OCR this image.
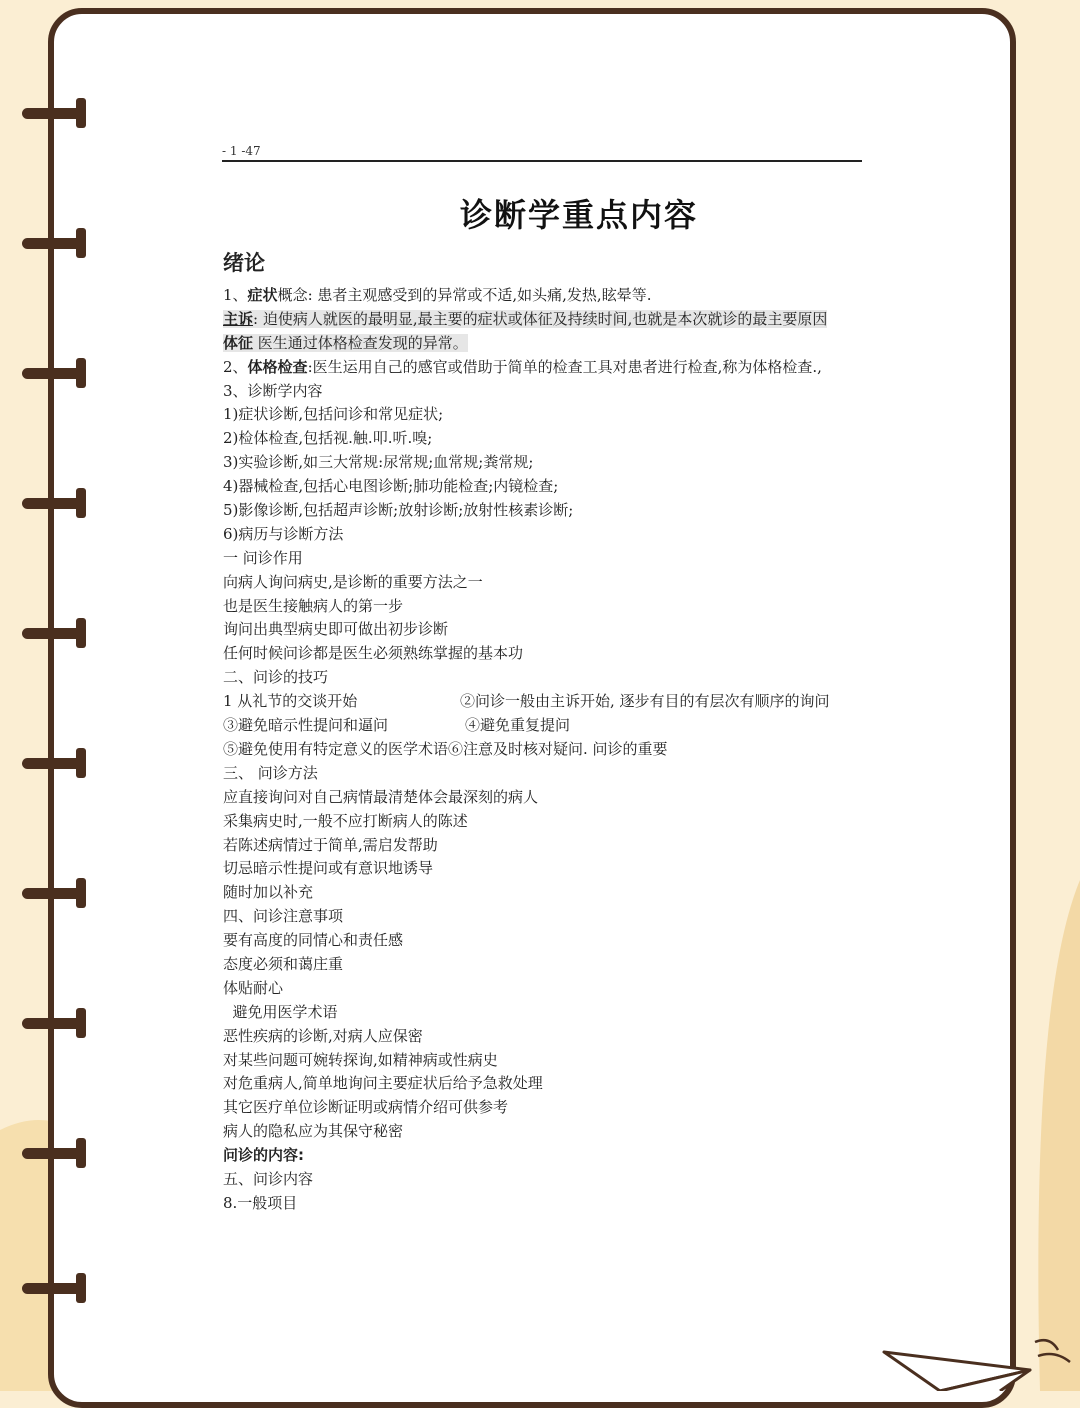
- 1 -47
诊断学重点内容
绪论
1、症状概念: 患者主观感受到的异常或不适,如头痛,发热,眩晕等.
主诉: 迫使病人就医的最明显,最主要的症状或体征及持续时间,也就是本次就诊的最主要原因
体征 医生通过体格检查发现的异常。
2、体格检查:医生运用自己的感官或借助于简单的检查工具对患者进行检查,称为体格检查.,
3、诊断学内容
1)症状诊断,包括问诊和常见症状;
2)检体检查,包括视.触.叩.听.嗅;
3)实验诊断,如三大常规:尿常规;血常规;粪常规;
4)器械检查,包括心电图诊断;肺功能检查;内镜检查;
5)影像诊断,包括超声诊断;放射诊断;放射性核素诊断;
6)病历与诊断方法
一 问诊作用
向病人询问病史,是诊断的重要方法之一
也是医生接触病人的第一步
询问出典型病史即可做出初步诊断
任何时候问诊都是医生必须熟练掌握的基本功
二、问诊的技巧
1 从礼节的交谈开始	②问诊一般由主诉开始, 逐步有目的有层次有顺序的询问
③避免暗示性提问和逼问	④避免重复提问
⑤避免使用有特定意义的医学术语⑥注意及时核对疑问. 问诊的重要
三、 问诊方法
应直接询问对自己病情最清楚体会最深刻的病人
采集病史时,一般不应打断病人的陈述
若陈述病情过于简单,需启发帮助
切忌暗示性提问或有意识地诱导
随时加以补充
四、问诊注意事项
要有高度的同情心和责任感
态度必须和蔼庄重
体贴耐心
避免用医学术语
恶性疾病的诊断,对病人应保密
对某些问题可婉转探询,如精神病或性病史
对危重病人,简单地询问主要症状后给予急救处理
其它医疗单位诊断证明或病情介绍可供参考
病人的隐私应为其保守秘密
问诊的内容:
五、问诊内容
8.一般项目
